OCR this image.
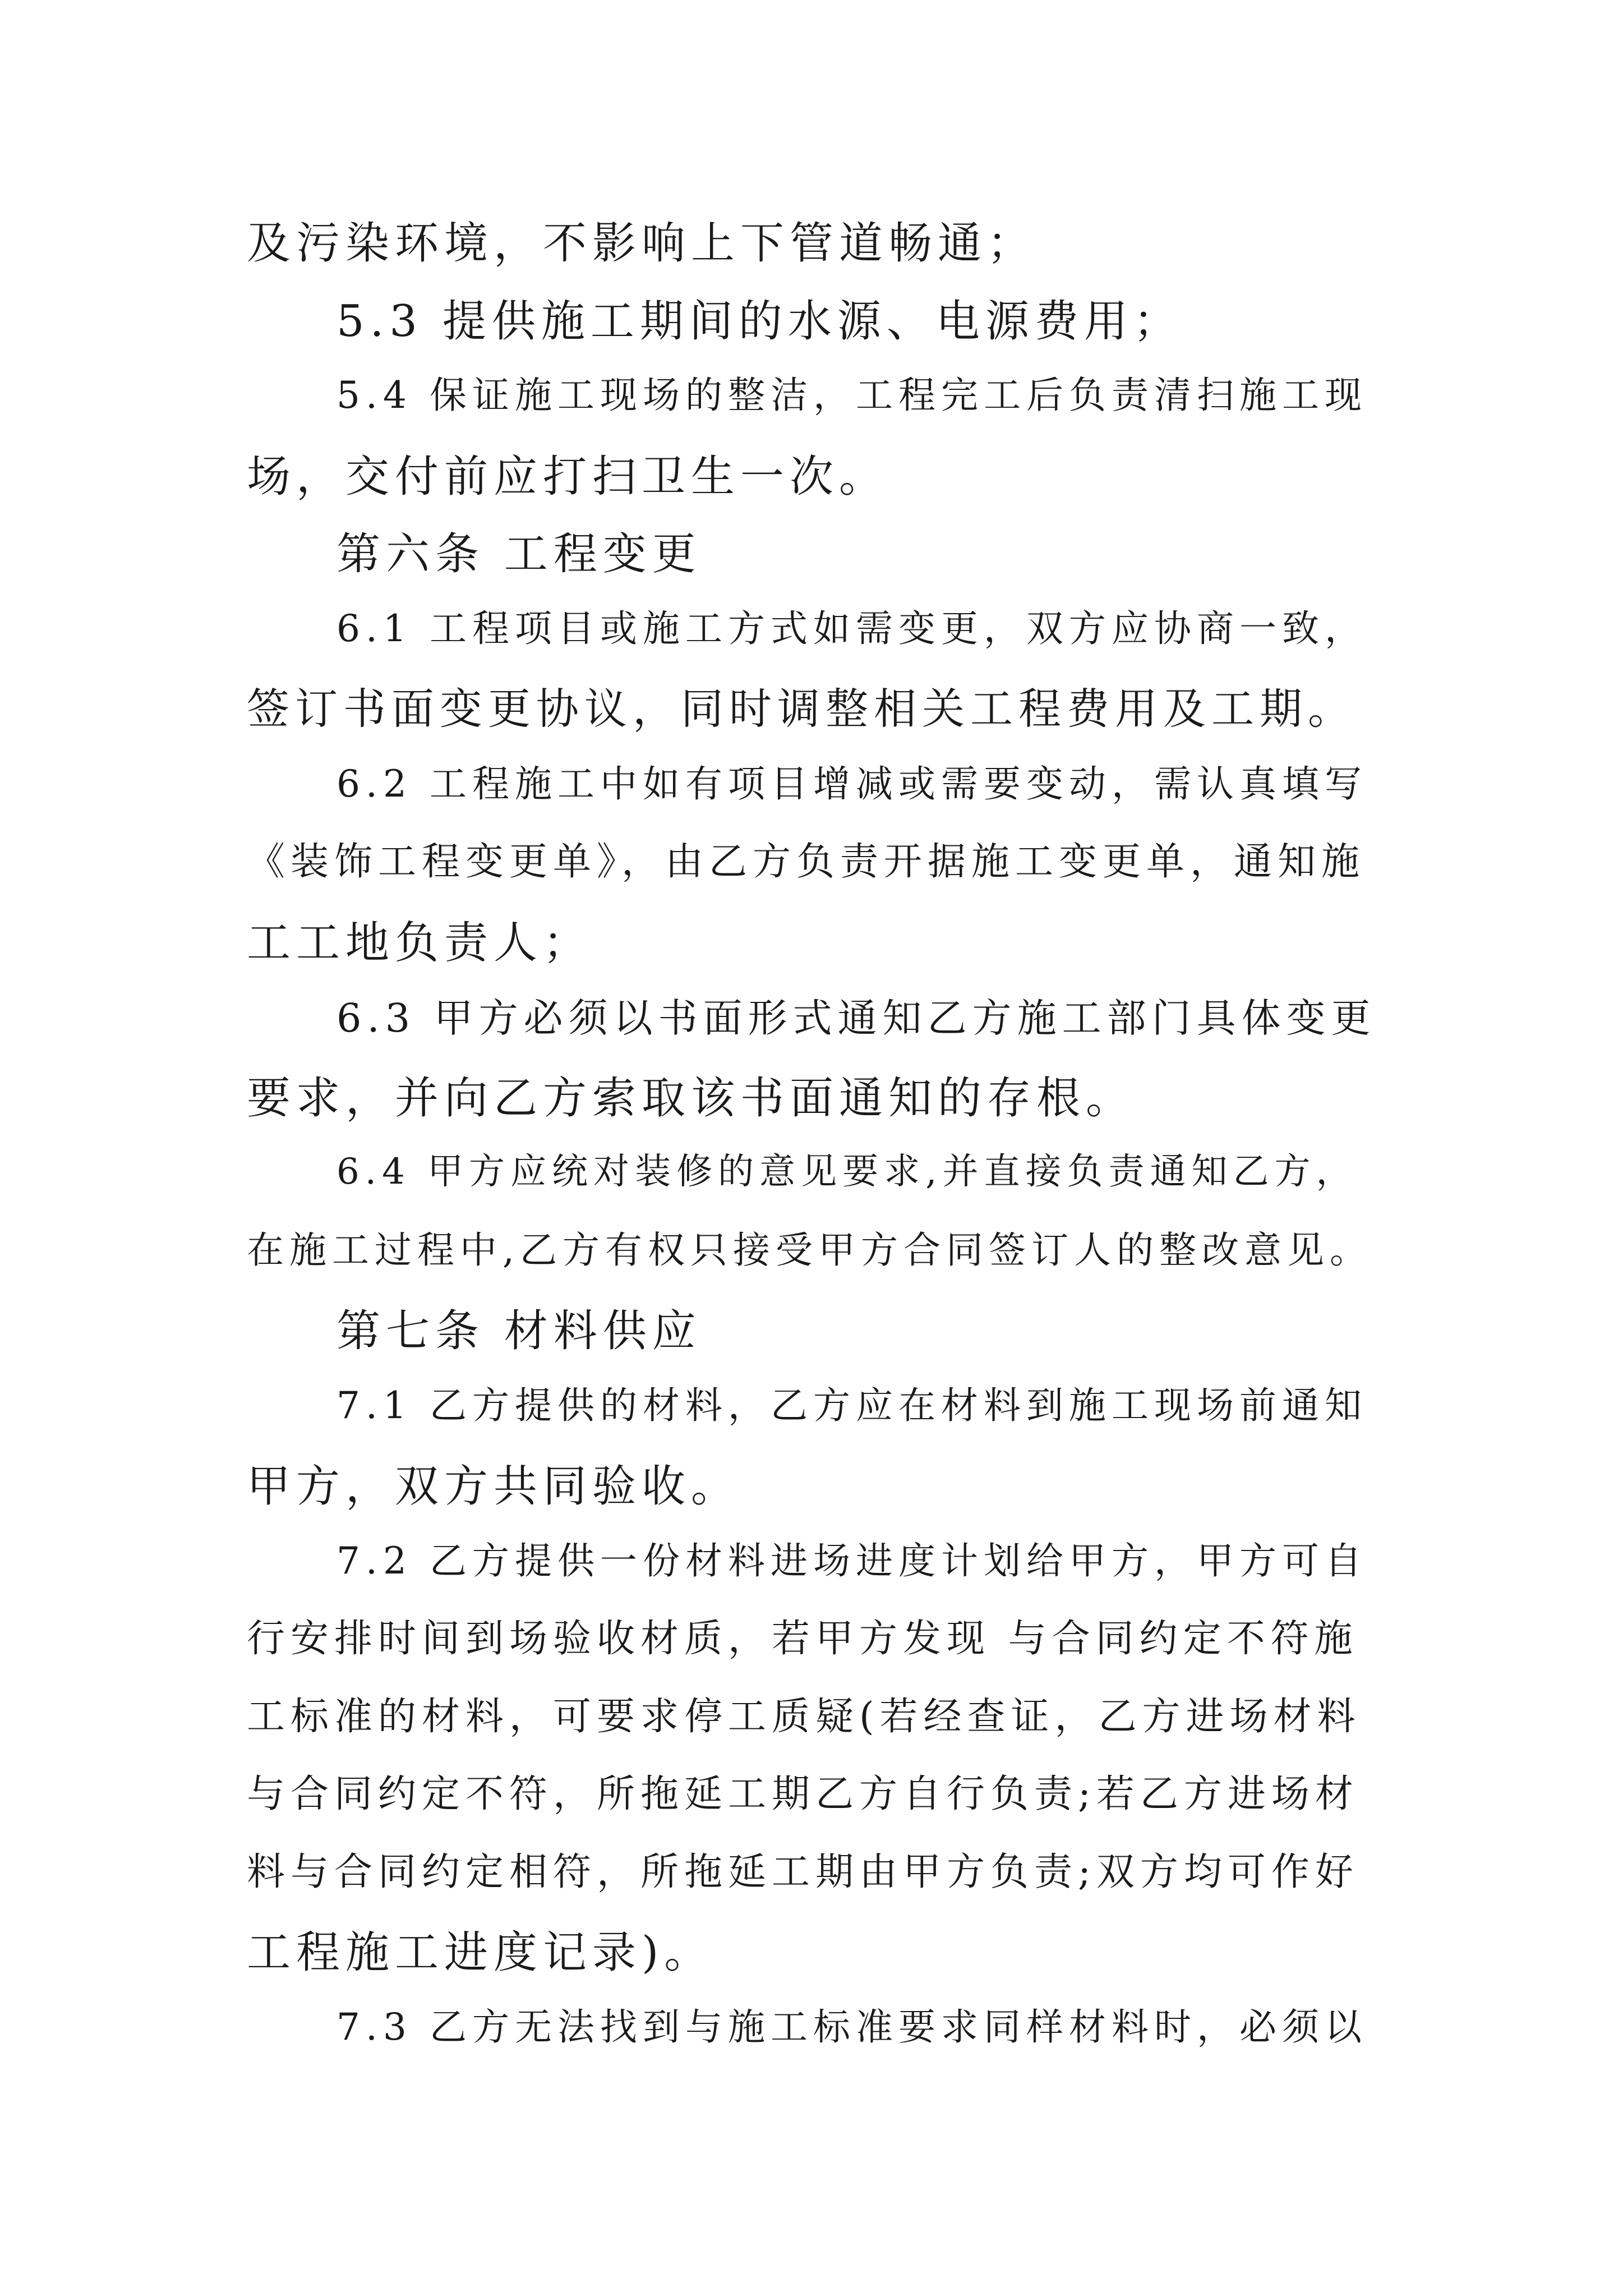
及污染环境，不影响上下管道畅通；
5.3 提供施工期间的水源、电源费用；
5.4 保证施工现场的整洁，工程完工后负责清扫施工现
场，交付前应打扫卫生一次。
第六条 工程变更
6.1 工程项目或施工方式如需变更，双方应协商一致，
签订书面变更协议，同时调整相关工程费用及工期。
6.2 工程施工中如有项目增减或需要变动，需认真填写
《装饰工程变更单》，由乙方负责开据施工变更单，通知施
工工地负责人；
6.3 甲方必须以书面形式通知乙方施工部门具体变更
要求，并向乙方索取该书面通知的存根。
6.4 甲方应统对装修的意见要求,并直接负责通知乙方，
在施工过程中,乙方有权只接受甲方合同签订人的整改意见。
第七条 材料供应
7.1 乙方提供的材料，乙方应在材料到施工现场前通知
甲方，双方共同验收。
7.2 乙方提供一份材料进场进度计划给甲方，甲方可自
行安排时间到场验收材质，若甲方发现 与合同约定不符施
工标准的材料，可要求停工质疑(若经查证，乙方进场材料
与合同约定不符，所拖延工期乙方自行负责;若乙方进场材
料与合同约定相符，所拖延工期由甲方负责;双方均可作好
工程施工进度记录)。
7.3 乙方无法找到与施工标准要求同样材料时，必须以
